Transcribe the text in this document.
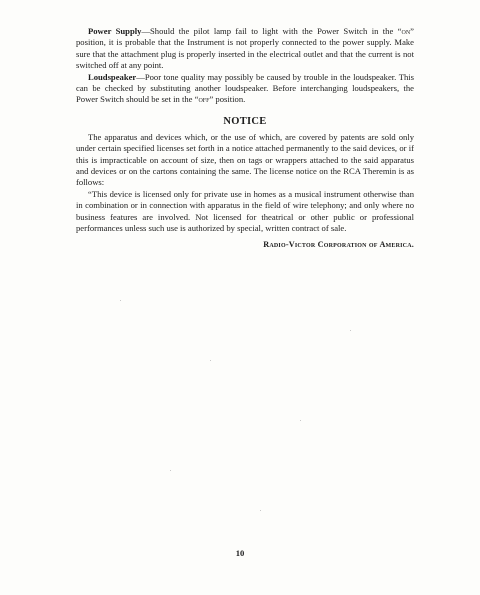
Power Supply—Should the pilot lamp fail to light with the Power Switch in the “on” position, it is probable that the Instrument is not properly connected to the power supply. Make sure that the attachment plug is properly inserted in the electrical outlet and that the current is not switched off at any point.

Loudspeaker—Poor tone quality may possibly be caused by trouble in the loudspeaker. This can be checked by substituting another loudspeaker. Before interchanging loudspeakers, the Power Switch should be set in the “off” position.

NOTICE

The apparatus and devices which, or the use of which, are covered by patents are sold only under certain specified licenses set forth in a notice attached permanently to the said devices, or if this is impracticable on account of size, then on tags or wrappers attached to the said apparatus and devices or on the cartons containing the same. The license notice on the RCA Theremin is as follows:

“This device is licensed only for private use in homes as a musical instrument otherwise than in combination or in connection with apparatus in the field of wire telephony; and only where no business features are involved. Not licensed for theatrical or other public or professional performances unless such use is authorized by special, written contract of sale.

Radio-Victor Corporation of America.
10
